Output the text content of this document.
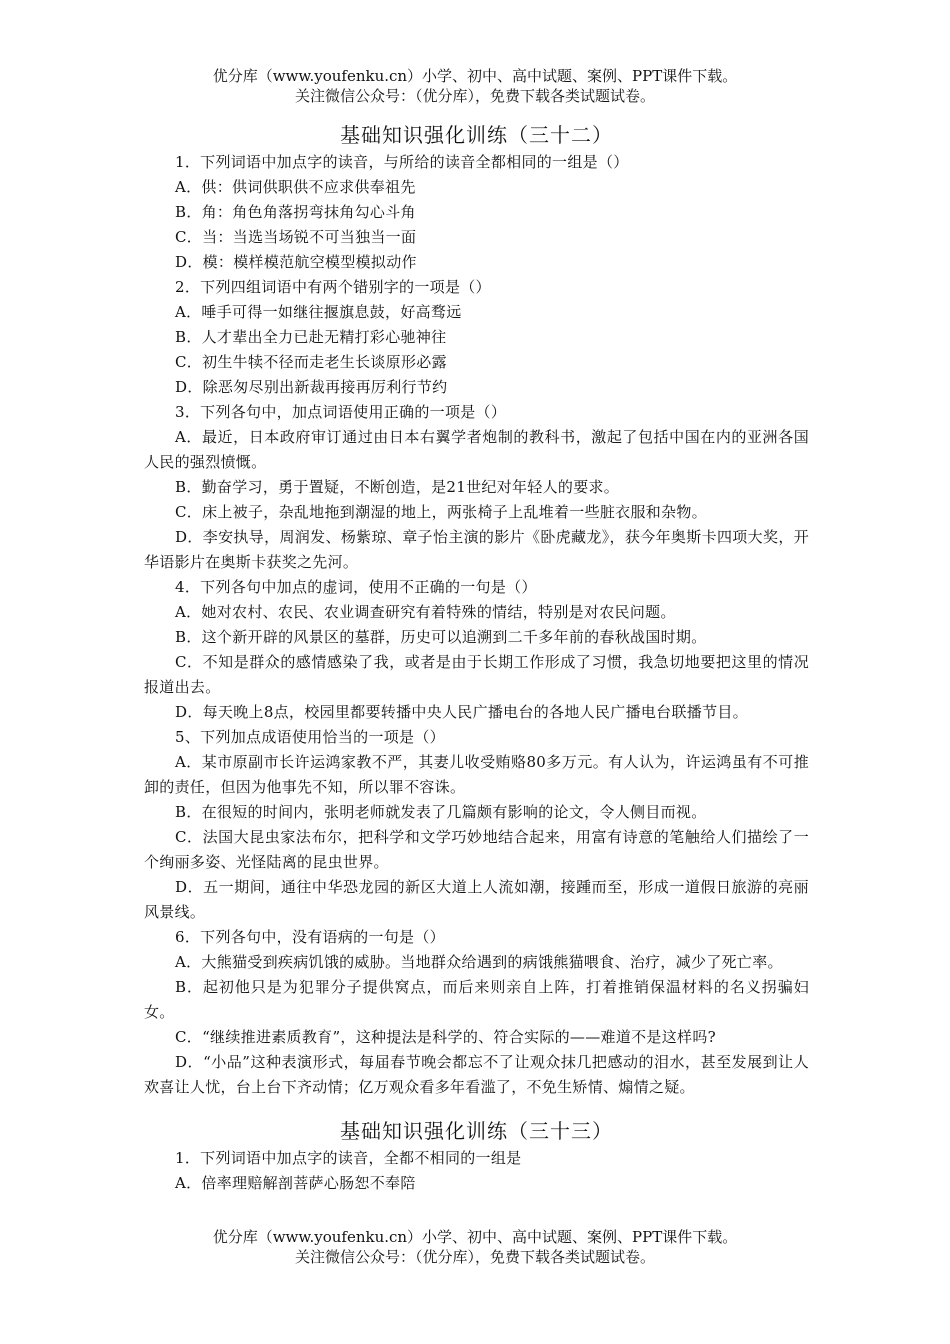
优分库（www.youfenku.cn）小学、初中、高中试题、案例、PPT课件下载。
关注微信公众号：（优分库），免费下载各类试题试卷。
基础知识强化训练（三十二）
1．下列词语中加点字的读音，与所给的读音全都相同的一组是（）
A．供：供词供职供不应求供奉祖先
B．角：角色角落拐弯抹角勾心斗角
C．当：当选当场锐不可当独当一面
D．模：模样模范航空模型模拟动作
2．下列四组词语中有两个错别字的一项是（）
A．唾手可得一如继往揠旗息鼓，好高骛远
B．人才辈出全力已赴无精打彩心驰神往
C．初生牛犊不径而走老生长谈原形必露
D．除恶匆尽别出新裁再接再厉利行节约
3．下列各句中，加点词语使用正确的一项是（）
A．最近，日本政府审订通过由日本右翼学者炮制的教科书，激起了包括中国在内的亚洲各国人民的强烈愤慨。
B．勤奋学习，勇于置疑，不断创造，是21世纪对年轻人的要求。
C．床上被子，杂乱地拖到潮湿的地上，两张椅子上乱堆着一些脏衣服和杂物。
D．李安执导，周润发、杨紫琼、章子怡主演的影片《卧虎藏龙》，获今年奥斯卡四项大奖，开华语影片在奥斯卡获奖之先河。
4．下列各句中加点的虚词，使用不正确的一句是（）
A．她对农村、农民、农业调查研究有着特殊的情结，特别是对农民问题。
B．这个新开辟的风景区的墓群，历史可以追溯到二千多年前的春秋战国时期。
C．不知是群众的感情感染了我，或者是由于长期工作形成了习惯，我急切地要把这里的情况报道出去。
D．每天晚上8点，校园里都要转播中央人民广播电台的各地人民广播电台联播节目。
5、下列加点成语使用恰当的一项是（）
A．某市原副市长许运鸿家教不严，其妻儿收受贿赂80多万元。有人认为，许运鸿虽有不可推卸的责任，但因为他事先不知，所以罪不容诛。
B．在很短的时间内，张明老师就发表了几篇颇有影响的论文，令人侧目而视。
C．法国大昆虫家法布尔，把科学和文学巧妙地结合起来，用富有诗意的笔触给人们描绘了一个绚丽多姿、光怪陆离的昆虫世界。
D．五一期间，通往中华恐龙园的新区大道上人流如潮，接踵而至，形成一道假日旅游的亮丽风景线。
6．下列各句中，没有语病的一句是（）
A．大熊猫受到疾病饥饿的威胁。当地群众给遇到的病饿熊猫喂食、治疗，减少了死亡率。
B．起初他只是为犯罪分子提供窝点，而后来则亲自上阵，打着推销保温材料的名义拐骗妇女。
C．“继续推进素质教育”，这种提法是科学的、符合实际的——难道不是这样吗?
D．“小品”这种表演形式，每届春节晚会都忘不了让观众抹几把感动的泪水，甚至发展到让人欢喜让人忧，台上台下齐动情；亿万观众看多年看滥了，不免生矫情、煽情之疑。
基础知识强化训练（三十三）
1．下列词语中加点字的读音，全都不相同的一组是
A．倍率理赔解剖菩萨心肠恕不奉陪
优分库（www.youfenku.cn）小学、初中、高中试题、案例、PPT课件下载。
关注微信公众号：（优分库），免费下载各类试题试卷。
